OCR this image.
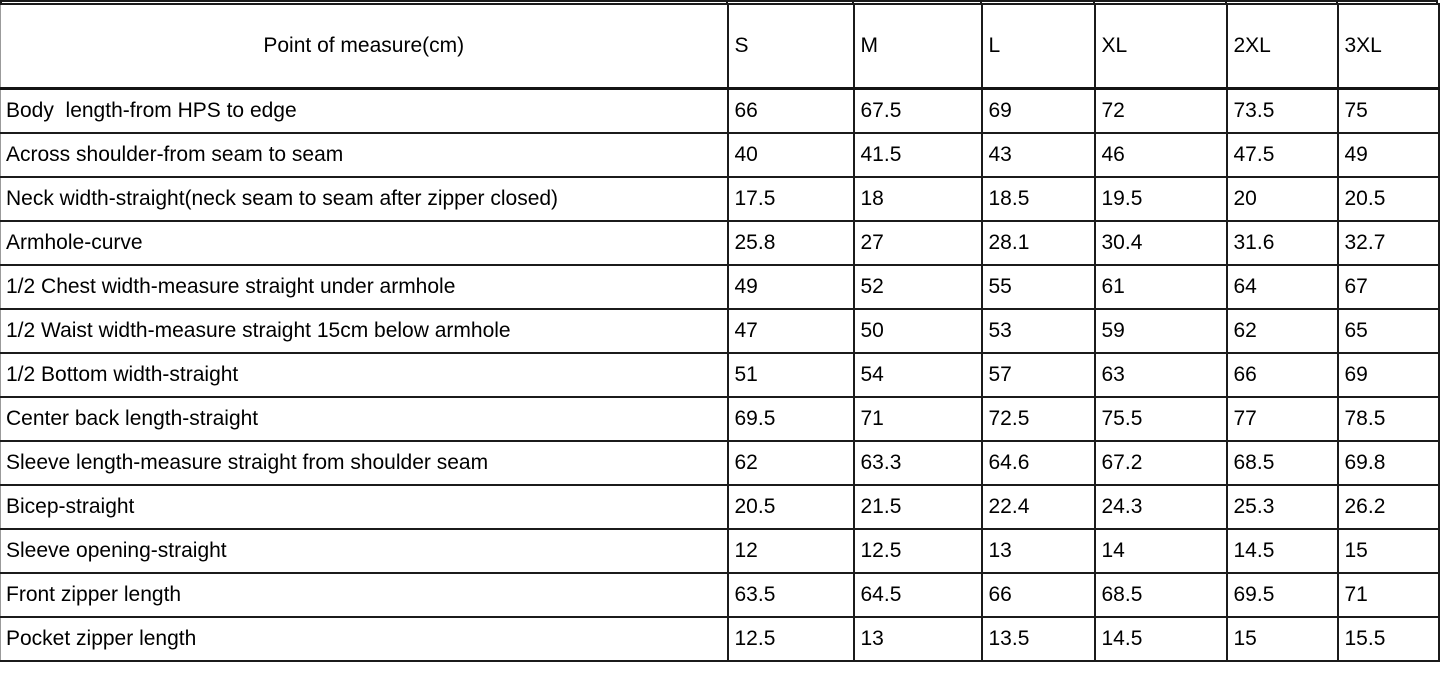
Point of measure(cm)	S	M	L	XL	2XL	3XL
Body  length-from HPS to edge	66	67.5	69	72	73.5	75
Across shoulder-from seam to seam	40	41.5	43	46	47.5	49
Neck width-straight(neck seam to seam after zipper closed)	17.5	18	18.5	19.5	20	20.5
Armhole-curve	25.8	27	28.1	30.4	31.6	32.7
1/2 Chest width-measure straight under armhole	49	52	55	61	64	67
1/2 Waist width-measure straight 15cm below armhole	47	50	53	59	62	65
1/2 Bottom width-straight	51	54	57	63	66	69
Center back length-straight	69.5	71	72.5	75.5	77	78.5
Sleeve length-measure straight from shoulder seam	62	63.3	64.6	67.2	68.5	69.8
Bicep-straight	20.5	21.5	22.4	24.3	25.3	26.2
Sleeve opening-straight	12	12.5	13	14	14.5	15
Front zipper length	63.5	64.5	66	68.5	69.5	71
Pocket zipper length	12.5	13	13.5	14.5	15	15.5
